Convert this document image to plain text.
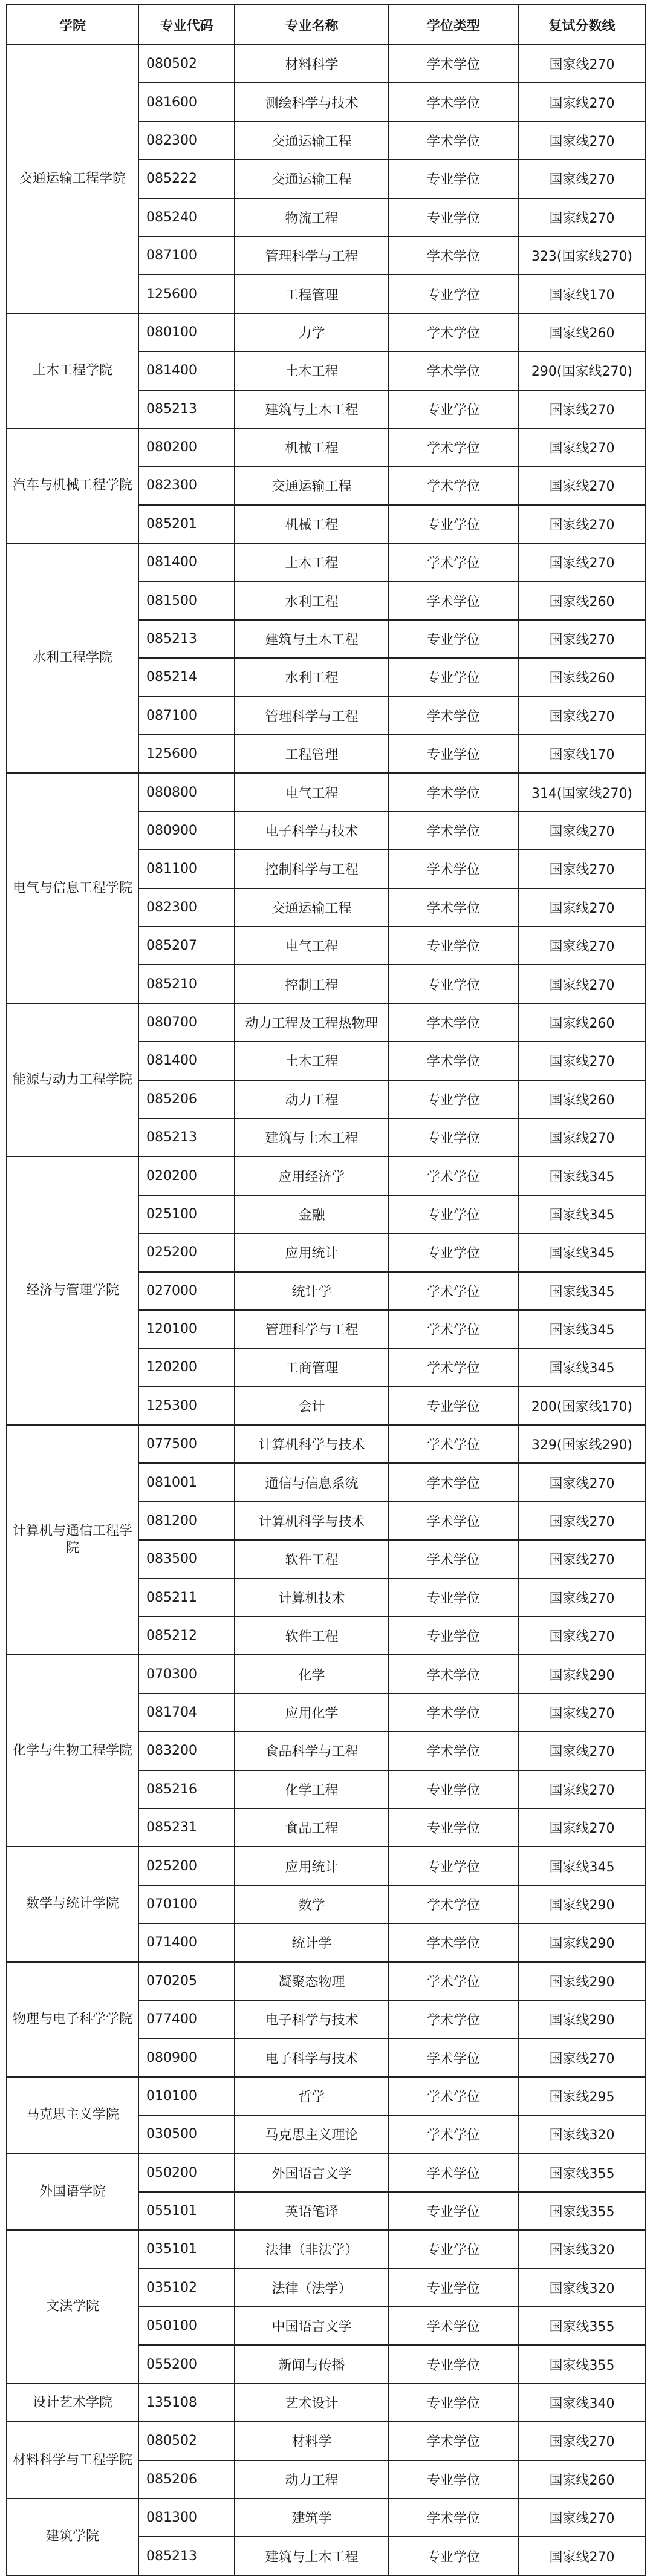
学院	专业代码	专业名称	学位类型	复试分数线
交通运输工程学院	080502	材料科学	学术学位	国家线270
	081600	测绘科学与技术	学术学位	国家线270
	082300	交通运输工程	学术学位	国家线270
	085222	交通运输工程	专业学位	国家线270
	085240	物流工程	专业学位	国家线270
	087100	管理科学与工程	学术学位	323(国家线270)
	125600	工程管理	专业学位	国家线170
土木工程学院	080100	力学	学术学位	国家线260
	081400	土木工程	学术学位	290(国家线270)
	085213	建筑与土木工程	专业学位	国家线270
汽车与机械工程学院	080200	机械工程	学术学位	国家线270
	082300	交通运输工程	学术学位	国家线270
	085201	机械工程	专业学位	国家线270
水利工程学院	081400	土木工程	学术学位	国家线270
	081500	水利工程	学术学位	国家线260
	085213	建筑与土木工程	专业学位	国家线270
	085214	水利工程	专业学位	国家线260
	087100	管理科学与工程	学术学位	国家线270
	125600	工程管理	专业学位	国家线170
电气与信息工程学院	080800	电气工程	学术学位	314(国家线270)
	080900	电子科学与技术	学术学位	国家线270
	081100	控制科学与工程	学术学位	国家线270
	082300	交通运输工程	学术学位	国家线270
	085207	电气工程	专业学位	国家线270
	085210	控制工程	专业学位	国家线270
能源与动力工程学院	080700	动力工程及工程热物理	学术学位	国家线260
	081400	土木工程	学术学位	国家线270
	085206	动力工程	专业学位	国家线260
	085213	建筑与土木工程	专业学位	国家线270
经济与管理学院	020200	应用经济学	学术学位	国家线345
	025100	金融	专业学位	国家线345
	025200	应用统计	专业学位	国家线345
	027000	统计学	学术学位	国家线345
	120100	管理科学与工程	学术学位	国家线345
	120200	工商管理	学术学位	国家线345
	125300	会计	专业学位	200(国家线170)
计算机与通信工程学院	077500	计算机科学与技术	学术学位	329(国家线290)
	081001	通信与信息系统	学术学位	国家线270
	081200	计算机科学与技术	学术学位	国家线270
	083500	软件工程	学术学位	国家线270
	085211	计算机技术	专业学位	国家线270
	085212	软件工程	专业学位	国家线270
化学与生物工程学院	070300	化学	学术学位	国家线290
	081704	应用化学	学术学位	国家线270
	083200	食品科学与工程	学术学位	国家线270
	085216	化学工程	专业学位	国家线270
	085231	食品工程	专业学位	国家线270
数学与统计学院	025200	应用统计	专业学位	国家线345
	070100	数学	学术学位	国家线290
	071400	统计学	学术学位	国家线290
物理与电子科学学院	070205	凝聚态物理	学术学位	国家线290
	077400	电子科学与技术	学术学位	国家线290
	080900	电子科学与技术	学术学位	国家线270
马克思主义学院	010100	哲学	学术学位	国家线295
	030500	马克思主义理论	学术学位	国家线320
外国语学院	050200	外国语言文学	学术学位	国家线355
	055101	英语笔译	专业学位	国家线355
文法学院	035101	法律（非法学）	专业学位	国家线320
	035102	法律（法学）	专业学位	国家线320
	050100	中国语言文学	学术学位	国家线355
	055200	新闻与传播	专业学位	国家线355
设计艺术学院	135108	艺术设计	专业学位	国家线340
材料科学与工程学院	080502	材料学	学术学位	国家线270
	085206	动力工程	专业学位	国家线260
建筑学院	081300	建筑学	学术学位	国家线270
	085213	建筑与土木工程	专业学位	国家线270
